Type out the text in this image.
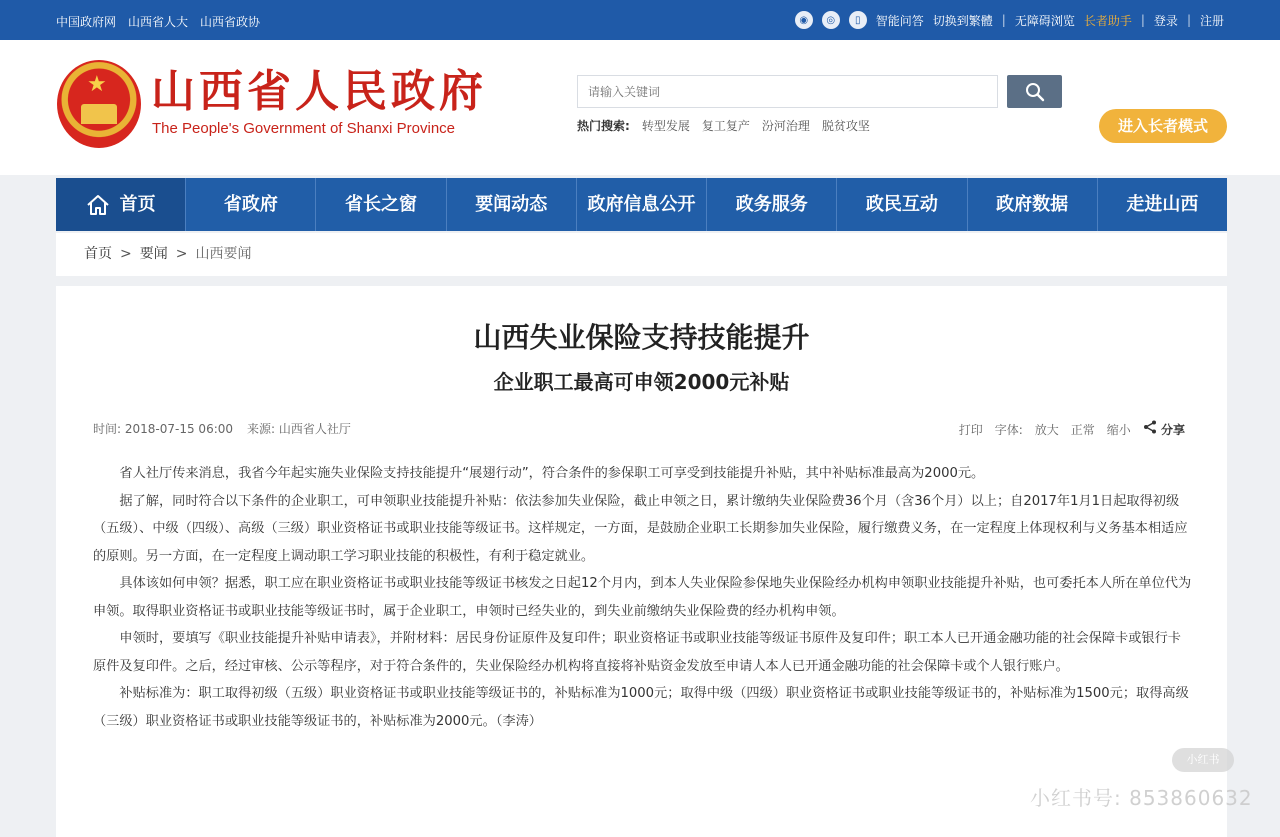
中国政府网 山西省人大 山西省政协	◉	◎	▯	智能问答 切换到繁體 | 无障碍浏览 长者助手 | 登录 | 注册
★ 山西省人民政府
The People's Government of Shanxi Province
请输入关键词	热门搜索: 转型发展 复工复产 汾河治理 脱贫攻坚	进入长者模式
首页	省政府	省长之窗	要闻动态	政府信息公开	政务服务	政民互动	政府数据	走进山西
首页 > 要闻 > 山西要闻
山西失业保险支持技能提升
企业职工最高可申领2000元补贴
时间: 2018-07-15 06:00 来源: 山西省人社厅	打印 字体: 放大 正常 缩小	分享

省人社厅传来消息，我省今年起实施失业保险支持技能提升“展翅行动”，符合条件的参保职工可享受到技能提升补贴，其中补贴标准最高为2000元。

据了解，同时符合以下条件的企业职工，可申领职业技能提升补贴：依法参加失业保险，截止申领之日，累计缴纳失业保险费36个月（含36个月）以上；自2017年1月1日起取得初级（五级）、中级（四级）、高级（三级）职业资格证书或职业技能等级证书。这样规定，一方面，是鼓励企业职工长期参加失业保险，履行缴费义务，在一定程度上体现权利与义务基本相适应的原则。另一方面，在一定程度上调动职工学习职业技能的积极性，有利于稳定就业。

具体该如何申领？据悉，职工应在职业资格证书或职业技能等级证书核发之日起12个月内，到本人失业保险参保地失业保险经办机构申领职业技能提升补贴，也可委托本人所在单位代为申领。取得职业资格证书或职业技能等级证书时，属于企业职工，申领时已经失业的，到失业前缴纳失业保险费的经办机构申领。

申领时，要填写《职业技能提升补贴申请表》，并附材料：居民身份证原件及复印件；职业资格证书或职业技能等级证书原件及复印件；职工本人已开通金融功能的社会保障卡或银行卡原件及复印件。之后，经过审核、公示等程序，对于符合条件的，失业保险经办机构将直接将补贴资金发放至申请人本人已开通金融功能的社会保障卡或个人银行账户。

补贴标准为：职工取得初级（五级）职业资格证书或职业技能等级证书的，补贴标准为1000元；取得中级（四级）职业资格证书或职业技能等级证书的，补贴标准为1500元；取得高级（三级）职业资格证书或职业技能等级证书的，补贴标准为2000元。（李涛）

小红书
小红书号: 853860632
